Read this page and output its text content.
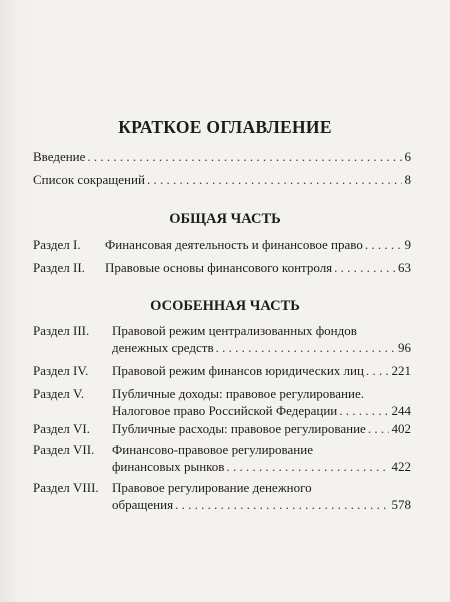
КРАТКОЕ ОГЛАВЛЕНИЕ
Введение . . .	6
Список сокращений . . .	8
ОБЩАЯ ЧАСТЬ
Раздел I. Финансовая деятельность и финансовое право . . .	9
Раздел II. Правовые основы финансового контроля . . .	63
ОСОБЕННАЯ ЧАСТЬ
Раздел III. Правовой режим централизованных фондов
денежных средств . . .	96
Раздел IV. Правовой режим финансов юридических лиц . . . 221
Раздел V. Публичные доходы: правовое регулирование.
Налоговое право Российской Федерации . . .	244
Раздел VI. Публичные расходы: правовое регулирование . . . 402
Раздел VII. Финансово-правовое регулирование
финансовых рынков . . .	422
Раздел VIII. Правовое регулирование денежного
обращения . . .	578
